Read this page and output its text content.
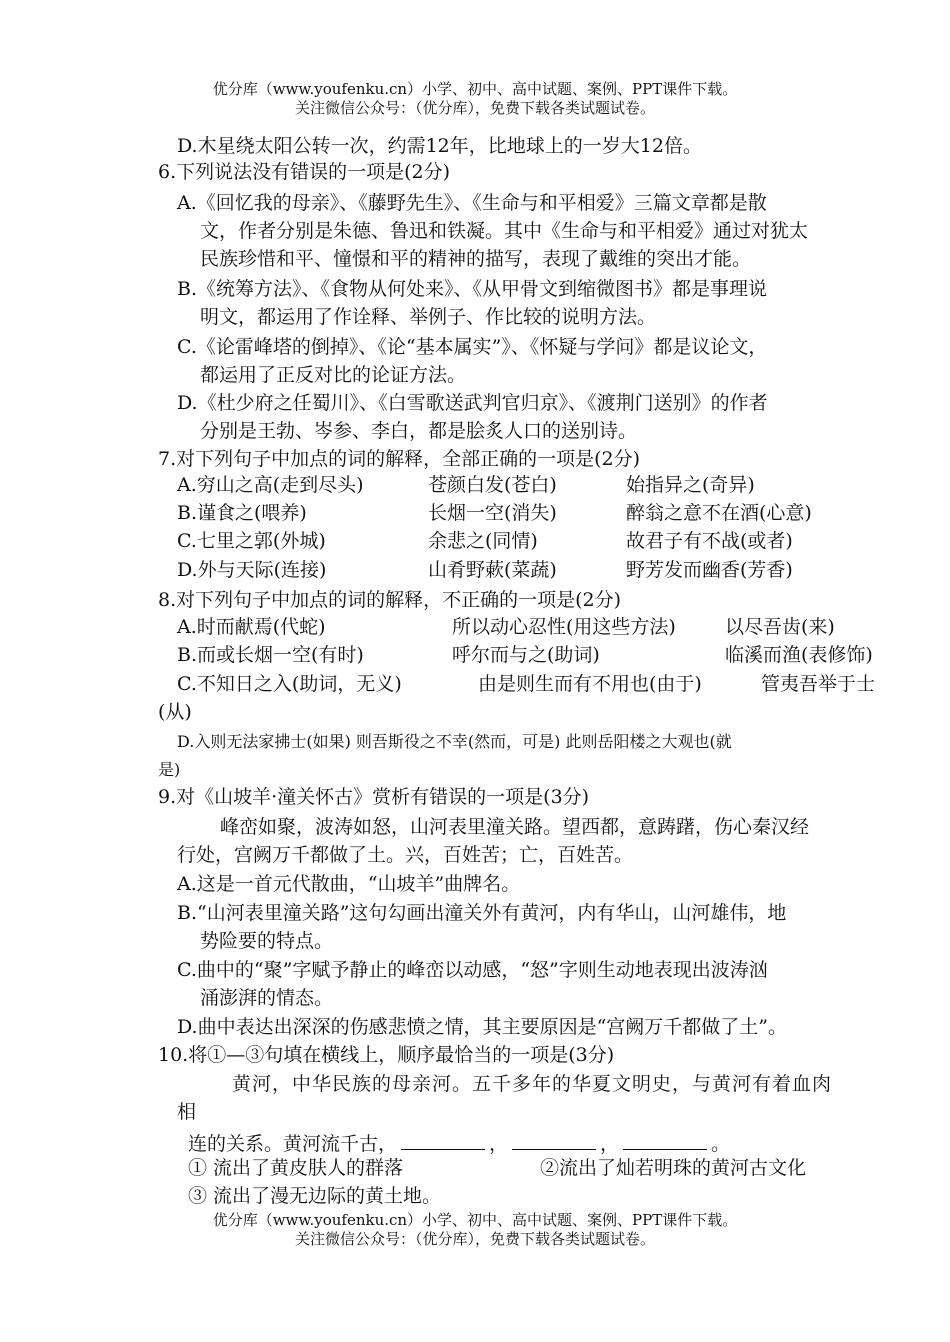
优分库（www.youfenku.cn）小学、初中、高中试题、案例、PPT课件下载。
关注微信公众号：（优分库），免费下载各类试题试卷。
D.木星绕太阳公转一次，约需12年，比地球上的一岁大12倍。
6.下列说法没有错误的一项是(2分)
A.《回忆我的母亲》、《藤野先生》、《生命与和平相爱》三篇文章都是散
文，作者分别是朱德、鲁迅和铁凝。其中《生命与和平相爱》通过对犹太
民族珍惜和平、憧憬和平的精神的描写，表现了戴维的突出才能。
B.《统筹方法》、《食物从何处来》、《从甲骨文到缩微图书》都是事理说
明文，都运用了作诠释、举例子、作比较的说明方法。
C.《论雷峰塔的倒掉》、《论“基本属实”》、《怀疑与学问》都是议论文，
都运用了正反对比的论证方法。
D.《杜少府之任蜀川》、《白雪歌送武判官归京》、《渡荆门送别》的作者
分别是王勃、岑参、李白，都是脍炙人口的送别诗。
7.对下列句子中加点的词的解释，全部正确的一项是(2分)
A.穷山之高(走到尽头)	苍颜白发(苍白)	始指异之(奇异)
B.谨食之(喂养)	长烟一空(消失)	醉翁之意不在酒(心意)
C.七里之郭(外城)	余悲之(同情)	故君子有不战(或者)
D.外与天际(连接)	山肴野蔌(菜蔬)	野芳发而幽香(芳香)
8.对下列句子中加点的词的解释，不正确的一项是(2分)
A.时而献焉(代蛇)	所以动心忍性(用这些方法)	以尽吾齿(来)
B.而或长烟一空(有时)	呼尔而与之(助词)	临溪而渔(表修饰)
C.不知日之入(助词，无义)	由是则生而有不用也(由于)	管夷吾举于士
(从)
D.入则无法家拂士(如果) 则吾斯役之不幸(然而，可是) 此则岳阳楼之大观也(就
是)
9.对《山坡羊·潼关怀古》赏析有错误的一项是(3分)
峰峦如聚，波涛如怒，山河表里潼关路。望西都，意踌躇，伤心秦汉经
行处，宫阙万千都做了土。兴，百姓苦；亡，百姓苦。
A.这是一首元代散曲，“山坡羊”曲牌名。
B.“山河表里潼关路”这句勾画出潼关外有黄河，内有华山，山河雄伟，地
势险要的特点。
C.曲中的“聚”字赋予静止的峰峦以动感，“怒”字则生动地表现出波涛汹
涌澎湃的情态。
D.曲中表达出深深的伤感悲愤之情，其主要原因是“宫阙万千都做了土”。
10.将①—③句填在横线上，顺序最恰当的一项是(3分)
黄河，中华民族的母亲河。五千多年的华夏文明史，与黄河有着血肉
相
连的关系。黄河流千古，	，	，	。
① 流出了黄皮肤人的群落	②流出了灿若明珠的黄河古文化
③ 流出了漫无边际的黄土地。
优分库（www.youfenku.cn）小学、初中、高中试题、案例、PPT课件下载。
关注微信公众号：（优分库），免费下载各类试题试卷。
